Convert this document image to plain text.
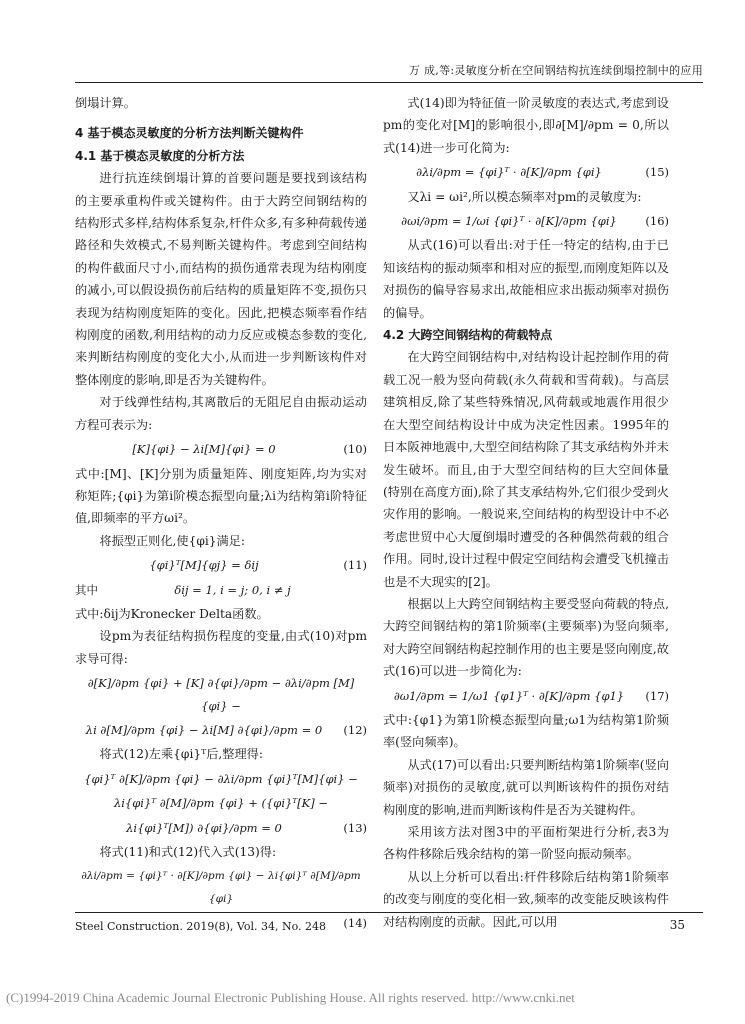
万 成,等:灵敏度分析在空间钢结构抗连续倒塌控制中的应用

倒塌计算。

4 基于模态灵敏度的分析方法判断关键构件

4.1 基于模态灵敏度的分析方法

进行抗连续倒塌计算的首要问题是要找到该结构的主要承重构件或关键构件。由于大跨空间钢结构的结构形式多样,结构体系复杂,杆件众多,有多种荷载传递路径和失效模式,不易判断关键构件。考虑到空间结构的构件截面尺寸小,而结构的损伤通常表现为结构刚度的减小,可以假设损伤前后结构的质量矩阵不变,损伤只表现为结构刚度矩阵的变化。因此,把模态频率看作结构刚度的函数,利用结构的动力反应或模态参数的变化,来判断结构刚度的变化大小,从而进一步判断该构件对整体刚度的影响,即是否为关键构件。

对于线弹性结构,其离散后的无阻尼自由振动运动方程可表示为:

[K]{φi} − λi[M]{φi} = 0	(10)

式中:[M]、[K]分别为质量矩阵、刚度矩阵,均为实对称矩阵;{φi}为第i阶模态振型向量;λi为结构第i阶特征值,即频率的平方ωi²。

将振型正则化,使{φi}满足:

{φi}ᵀ[M]{φj} = δij	(11)
其中	δij = 1, i = j; 0, i ≠ j

式中:δij为Kronecker Delta函数。

设pm为表征结构损伤程度的变量,由式(10)对pm求导可得:

∂[K]/∂pm {φi} + [K] ∂{φi}/∂pm − ∂λi/∂pm [M]{φi} −
λi ∂[M]/∂pm {φi} − λi[M] ∂{φi}/∂pm = 0	(12)

将式(12)左乘{φi}ᵀ后,整理得:

{φi}ᵀ ∂[K]/∂pm {φi} − ∂λi/∂pm {φi}ᵀ[M]{φi} −
λi{φi}ᵀ ∂[M]/∂pm {φi} + ({φi}ᵀ[K] −
λi{φi}ᵀ[M]) ∂{φi}/∂pm = 0	(13)

将式(11)和式(12)代入式(13)得:

∂λi/∂pm = {φi}ᵀ · ∂[K]/∂pm {φi} − λi{φi}ᵀ ∂[M]/∂pm {φi}
(14)

式(14)即为特征值一阶灵敏度的表达式,考虑到设pm的变化对[M]的影响很小,即∂[M]/∂pm = 0,所以式(14)进一步可化简为:

∂λi/∂pm = {φi}ᵀ · ∂[K]/∂pm {φi}	(15)

又λi = ωi²,所以模态频率对pm的灵敏度为:

∂ωi/∂pm = 1/ωi {φi}ᵀ · ∂[K]/∂pm {φi}	(16)

从式(16)可以看出:对于任一特定的结构,由于已知该结构的振动频率和相对应的振型,而刚度矩阵以及对损伤的偏导容易求出,故能相应求出振动频率对损伤的偏导。

4.2 大跨空间钢结构的荷载特点

在大跨空间钢结构中,对结构设计起控制作用的荷载工况一般为竖向荷载(永久荷载和雪荷载)。与高层建筑相反,除了某些特殊情况,风荷载或地震作用很少在大型空间结构设计中成为决定性因素。1995年的日本阪神地震中,大型空间结构除了其支承结构外并未发生破坏。而且,由于大型空间结构的巨大空间体量(特别在高度方面),除了其支承结构外,它们很少受到火灾作用的影响。一般说来,空间结构的构型设计中不必考虑世贸中心大厦倒塌时遭受的各种偶然荷载的组合作用。同时,设计过程中假定空间结构会遭受飞机撞击也是不大现实的[2]。

根据以上大跨空间钢结构主要受竖向荷载的特点,大跨空间钢结构的第1阶频率(主要频率)为竖向频率,对大跨空间钢结构起控制作用的也主要是竖向刚度,故式(16)可以进一步简化为:

∂ω1/∂pm = 1/ω1 {φ1}ᵀ · ∂[K]/∂pm {φ1}	(17)

式中:{φ1}为第1阶模态振型向量;ω1为结构第1阶频率(竖向频率)。

从式(17)可以看出:只要判断结构第1阶频率(竖向频率)对损伤的灵敏度,就可以判断该构件的损伤对结构刚度的影响,进而判断该构件是否为关键构件。

采用该方法对图3中的平面桁架进行分析,表3为各构件移除后残余结构的第一阶竖向振动频率。

从以上分析可以看出:杆件移除后结构第1阶频率的改变与刚度的变化相一致,频率的改变能反映该构件对结构刚度的贡献。因此,可以用

Steel Construction. 2019(8), Vol. 34, No. 248	35
(C)1994-2019 China Academic Journal Electronic Publishing House. All rights reserved. http://www.cnki.net
